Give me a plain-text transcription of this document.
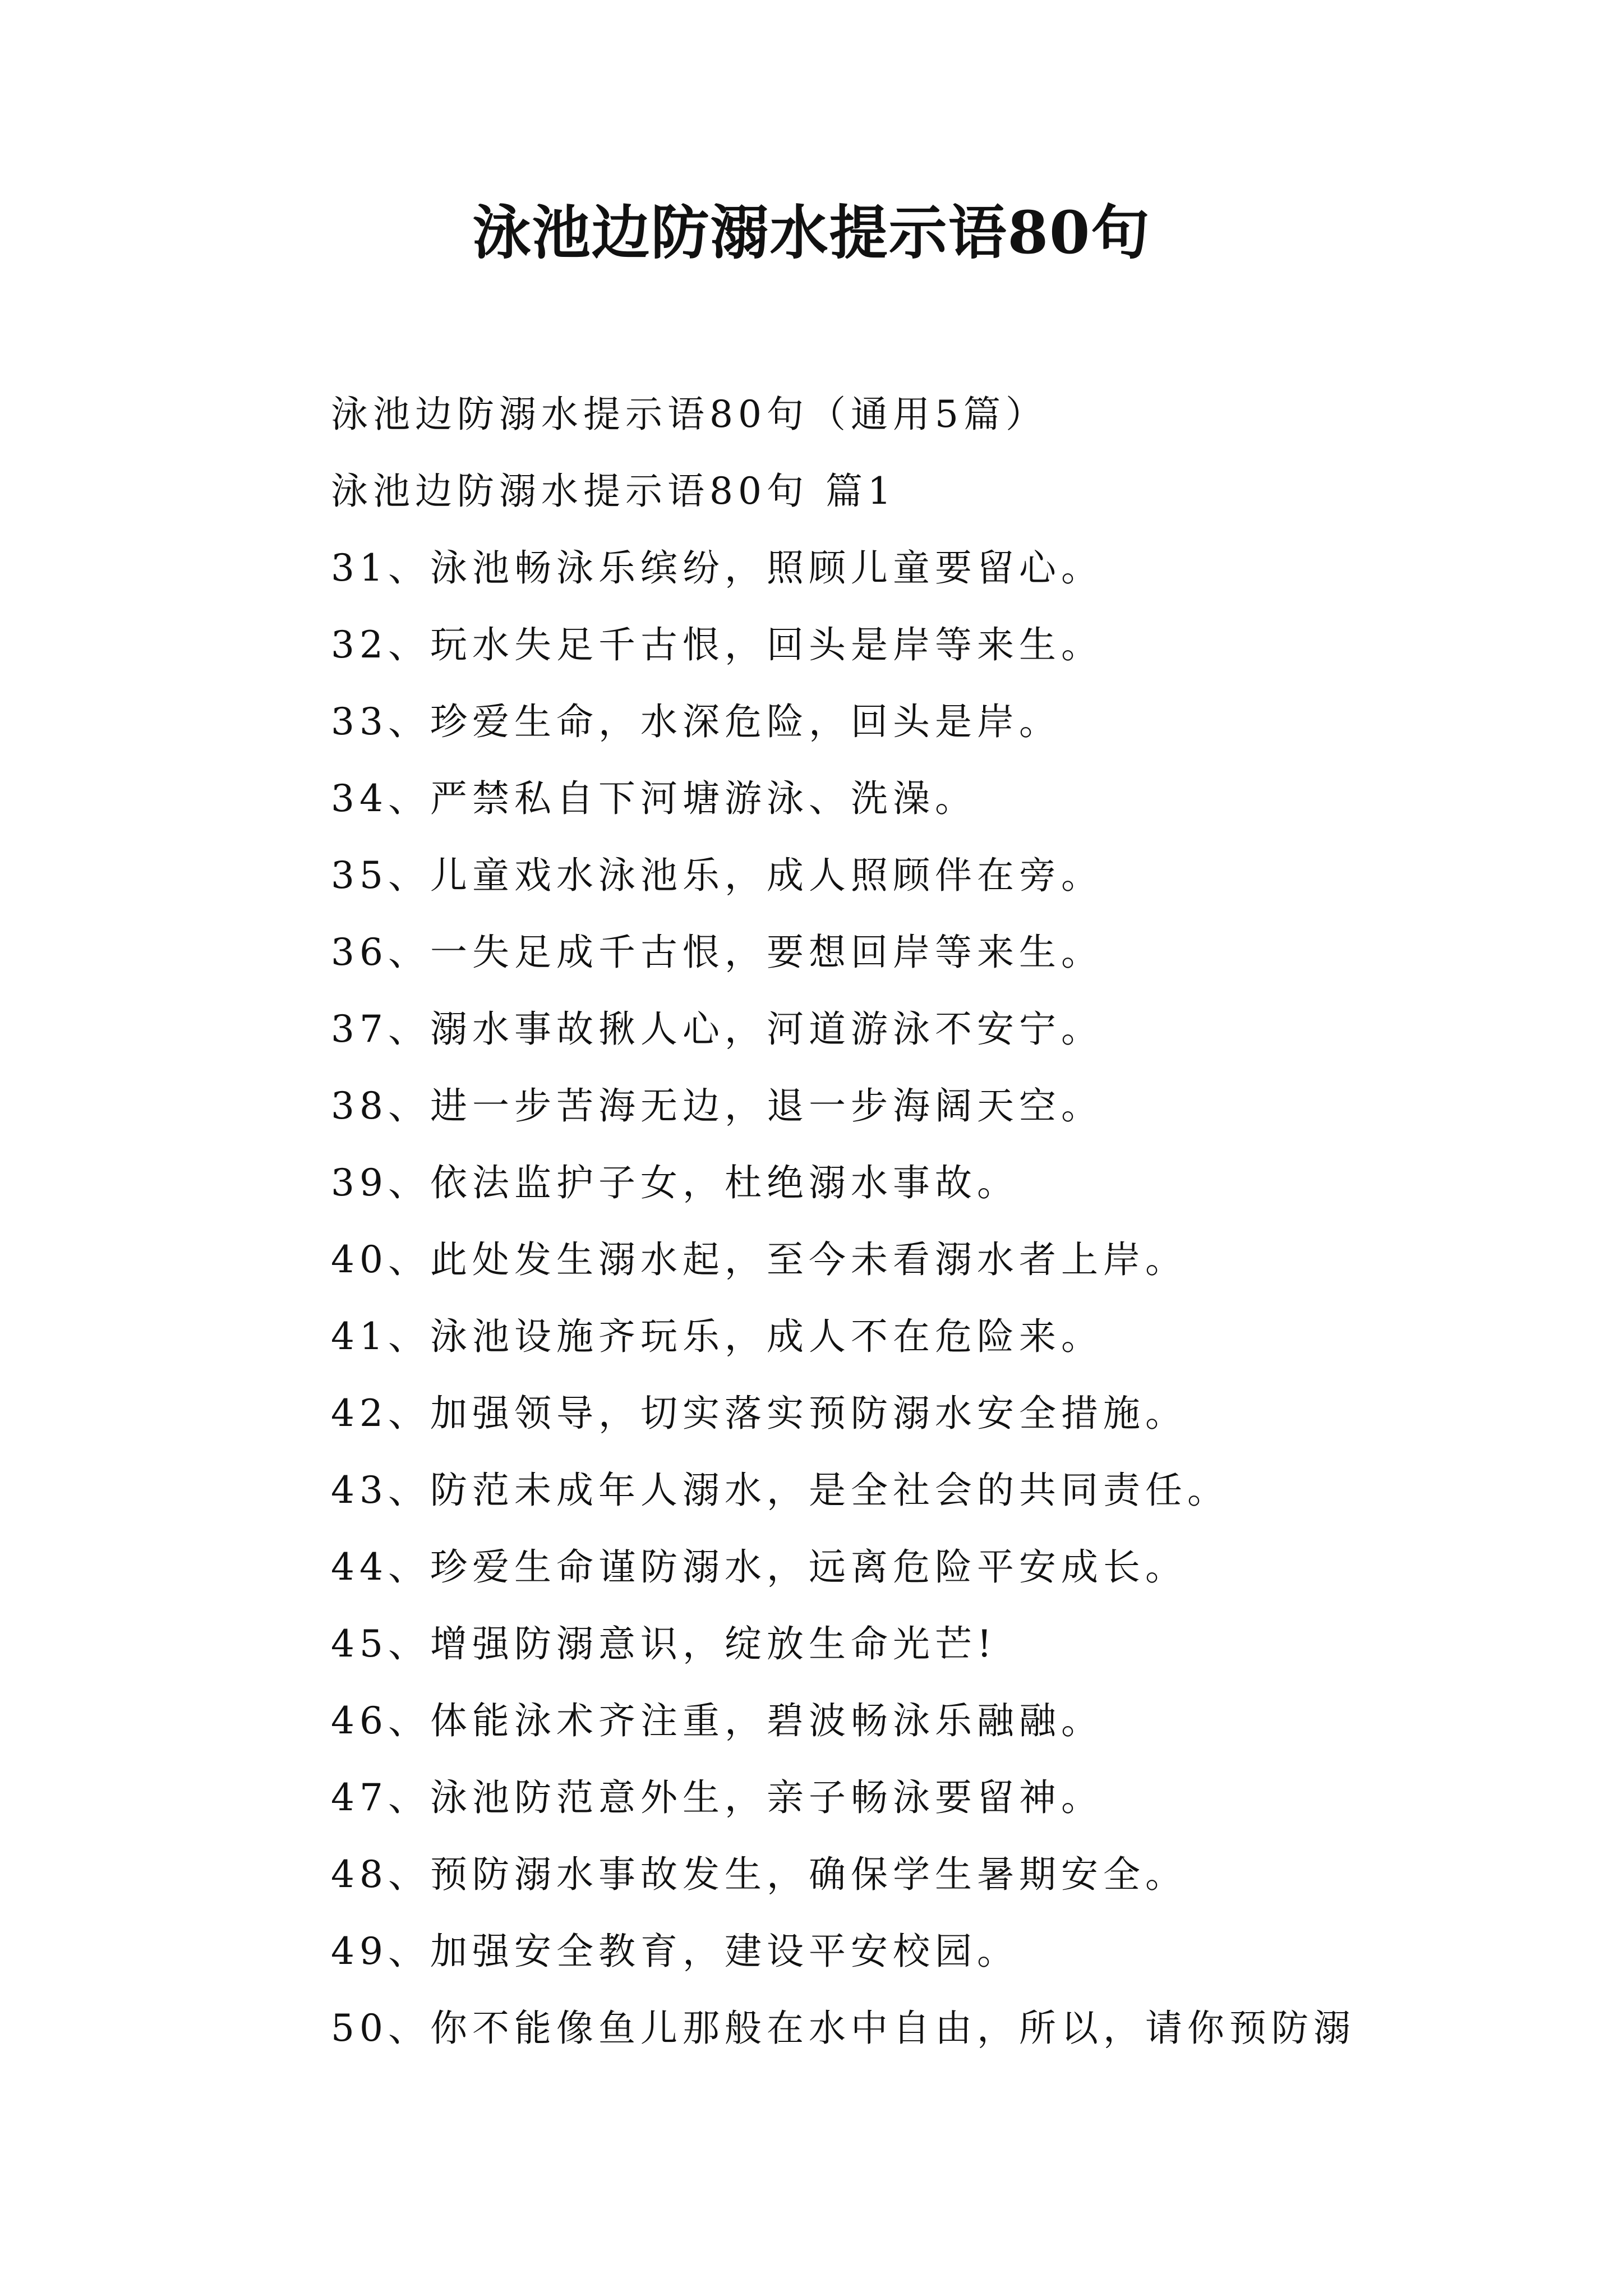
泳池边防溺水提示语80句

泳池边防溺水提示语80句（通用5篇）

泳池边防溺水提示语80句 篇1

31、泳池畅泳乐缤纷，照顾儿童要留心。

32、玩水失足千古恨，回头是岸等来生。

33、珍爱生命，水深危险，回头是岸。

34、严禁私自下河塘游泳、洗澡。

35、儿童戏水泳池乐，成人照顾伴在旁。

36、一失足成千古恨，要想回岸等来生。

37、溺水事故揪人心，河道游泳不安宁。

38、进一步苦海无边，退一步海阔天空。

39、依法监护子女，杜绝溺水事故。

40、此处发生溺水起，至今未看溺水者上岸。

41、泳池设施齐玩乐，成人不在危险来。

42、加强领导，切实落实预防溺水安全措施。

43、防范未成年人溺水，是全社会的共同责任。

44、珍爱生命谨防溺水，远离危险平安成长。

45、增强防溺意识，绽放生命光芒!

46、体能泳术齐注重，碧波畅泳乐融融。

47、泳池防范意外生，亲子畅泳要留神。

48、预防溺水事故发生，确保学生暑期安全。

49、加强安全教育，建设平安校园。

50、你不能像鱼儿那般在水中自由，所以，请你预防溺
